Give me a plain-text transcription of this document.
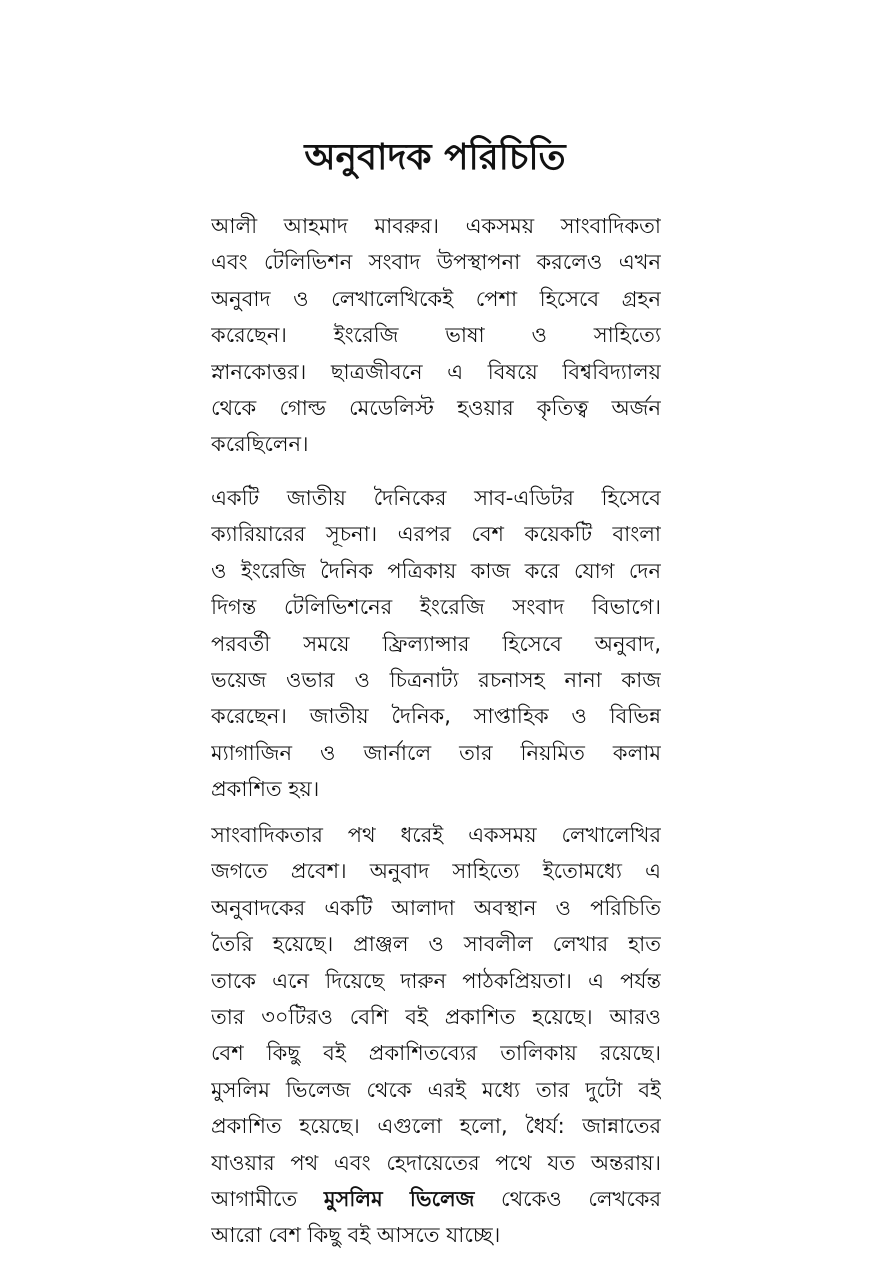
অনুবাদক পরিচিতি
আলী আহমাদ মাবরুর। একসময় সাংবাদিকতা
এবং টেলিভিশন সংবাদ উপস্থাপনা করলেও এখন
অনুবাদ ও লেখালেখিকেই পেশা হিসেবে গ্রহন
করেছেন। ইংরেজি ভাষা ও সাহিত্যে
স্নানকোত্তর। ছাত্রজীবনে এ বিষয়ে বিশ্ববিদ্যালয়
থেকে গোল্ড মেডেলিস্ট হওয়ার কৃতিত্ব অর্জন
করেছিলেন।
একটি জাতীয় দৈনিকের সাব-এডিটর হিসেবে
ক্যারিয়ারের সূচনা। এরপর বেশ কয়েকটি বাংলা
ও ইংরেজি দৈনিক পত্রিকায় কাজ করে যোগ দেন
দিগন্ত টেলিভিশনের ইংরেজি সংবাদ বিভাগে।
পরবর্তী সময়ে ফ্রিল্যান্সার হিসেবে অনুবাদ,
ভয়েজ ওভার ও চিত্রনাট্য রচনাসহ নানা কাজ
করেছেন। জাতীয় দৈনিক, সাপ্তাহিক ও বিভিন্ন
ম্যাগাজিন ও জার্নালে তার নিয়মিত কলাম
প্রকাশিত হয়।
সাংবাদিকতার পথ ধরেই একসময় লেখালেখির
জগতে প্রবেশ। অনুবাদ সাহিত্যে ইতোমধ্যে এ
অনুবাদকের একটি আলাদা অবস্থান ও পরিচিতি
তৈরি হয়েছে। প্রাঞ্জল ও সাবলীল লেখার হাত
তাকে এনে দিয়েছে দারুন পাঠকপ্রিয়তা। এ পর্যন্ত
তার ৩০টিরও বেশি বই প্রকাশিত হয়েছে। আরও
বেশ কিছু বই প্রকাশিতব্যের তালিকায় রয়েছে।
মুসলিম ভিলেজ থেকে এরই মধ্যে তার দুটো বই
প্রকাশিত হয়েছে। এগুলো হলো, ধৈর্য: জান্নাতের
যাওয়ার পথ এবং হেদায়েতের পথে যত অন্তরায়।
আগামীতে মুসলিম ভিলেজ থেকেও লেখকের
আরো বেশ কিছু বই আসতে যাচ্ছে।
